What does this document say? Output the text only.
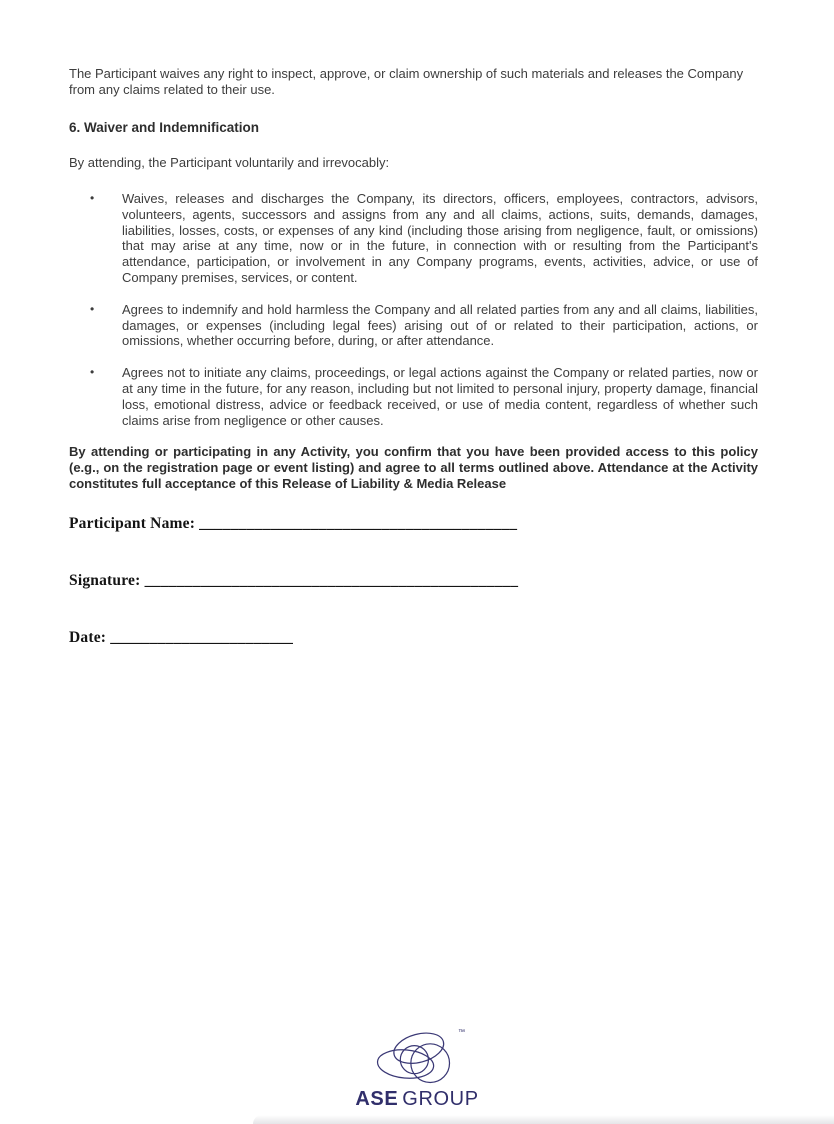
The Participant waives any right to inspect, approve, or claim ownership of such materials and releases the Company from any claims related to their use.

6. Waiver and Indemnification

By attending, the Participant voluntarily and irrevocably:

• Waives, releases and discharges the Company, its directors, officers, employees, contractors, advisors, volunteers, agents, successors and assigns from any and all claims, actions, suits, demands, damages, liabilities, losses, costs, or expenses of any kind (including those arising from negligence, fault, or omissions) that may arise at any time, now or in the future, in connection with or resulting from the Participant's attendance, participation, or involvement in any Company programs, events, activities, advice, or use of Company premises, services, or content.
• Agrees to indemnify and hold harmless the Company and all related parties from any and all claims, liabilities, damages, or expenses (including legal fees) arising out of or related to their participation, actions, or omissions, whether occurring before, during, or after attendance.
• Agrees not to initiate any claims, proceedings, or legal actions against the Company or related parties, now or at any time in the future, for any reason, including but not limited to personal injury, property damage, financial loss, emotional distress, advice or feedback received, or use of media content, regardless of whether such claims arise from negligence or other causes.

By attending or participating in any Activity, you confirm that you have been provided access to this policy (e.g., on the registration page or event listing) and agree to all terms outlined above. Attendance at the Activity constitutes full acceptance of this Release of Liability & Media Release

Participant Name: ________________________________________
Signature: _______________________________________________
Date: _______________________
™
ASE GROUP
